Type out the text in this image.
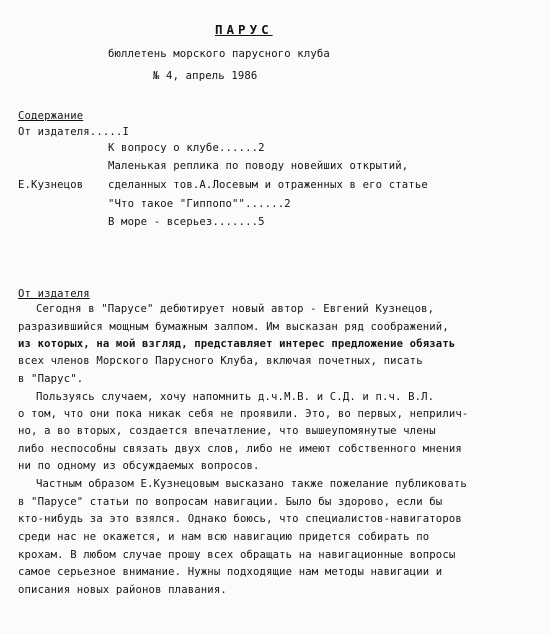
ПАРУС
бюллетень морского парусного клуба
№ 4, апрель 1986
Содержание
От издателя.....I
К вопросу о клубе......2
Маленькая реплика по поводу новейших открытий,
Е.Кузнецов сделанных тов.А.Лосевым и отраженных в его статье
"Что такое "Гиппопо""......2
В море - всерьез.......5
От издателя
Сегодня в "Парусе" дебютирует новый автор - Евгений Кузнецов,
разразившийся мощным бумажным залпом. Им высказан ряд соображений,
из которых, на мой взгляд, представляет интерес предложение обязать
всех членов Морского Парусного Клуба, включая почетных, писать
в "Парус".
Пользуясь случаем, хочу напомнить д.ч.М.В. и С.Д. и п.ч. В.Л.
о том, что они пока никак себя не проявили. Это, во первых, неприлич-
но, а во вторых, создается впечатление, что вышеупомянутые члены
либо неспособны связать двух слов, либо не имеют собственного мнения
ни по одному из обсуждаемых вопросов.
Частным образом Е.Кузнецовым высказано также пожелание публиковать
в "Парусе" статьи по вопросам навигации. Было бы здорово, если бы
кто-нибудь за это взялся. Однако боюсь, что специалистов-навигаторов
среди нас не окажется, и нам всю навигацию придется собирать по
крохам. В любом случае прошу всех обращать на навигационные вопросы
самое серьезное внимание. Нужны подходящие нам методы навигации и
описания новых районов плавания.
